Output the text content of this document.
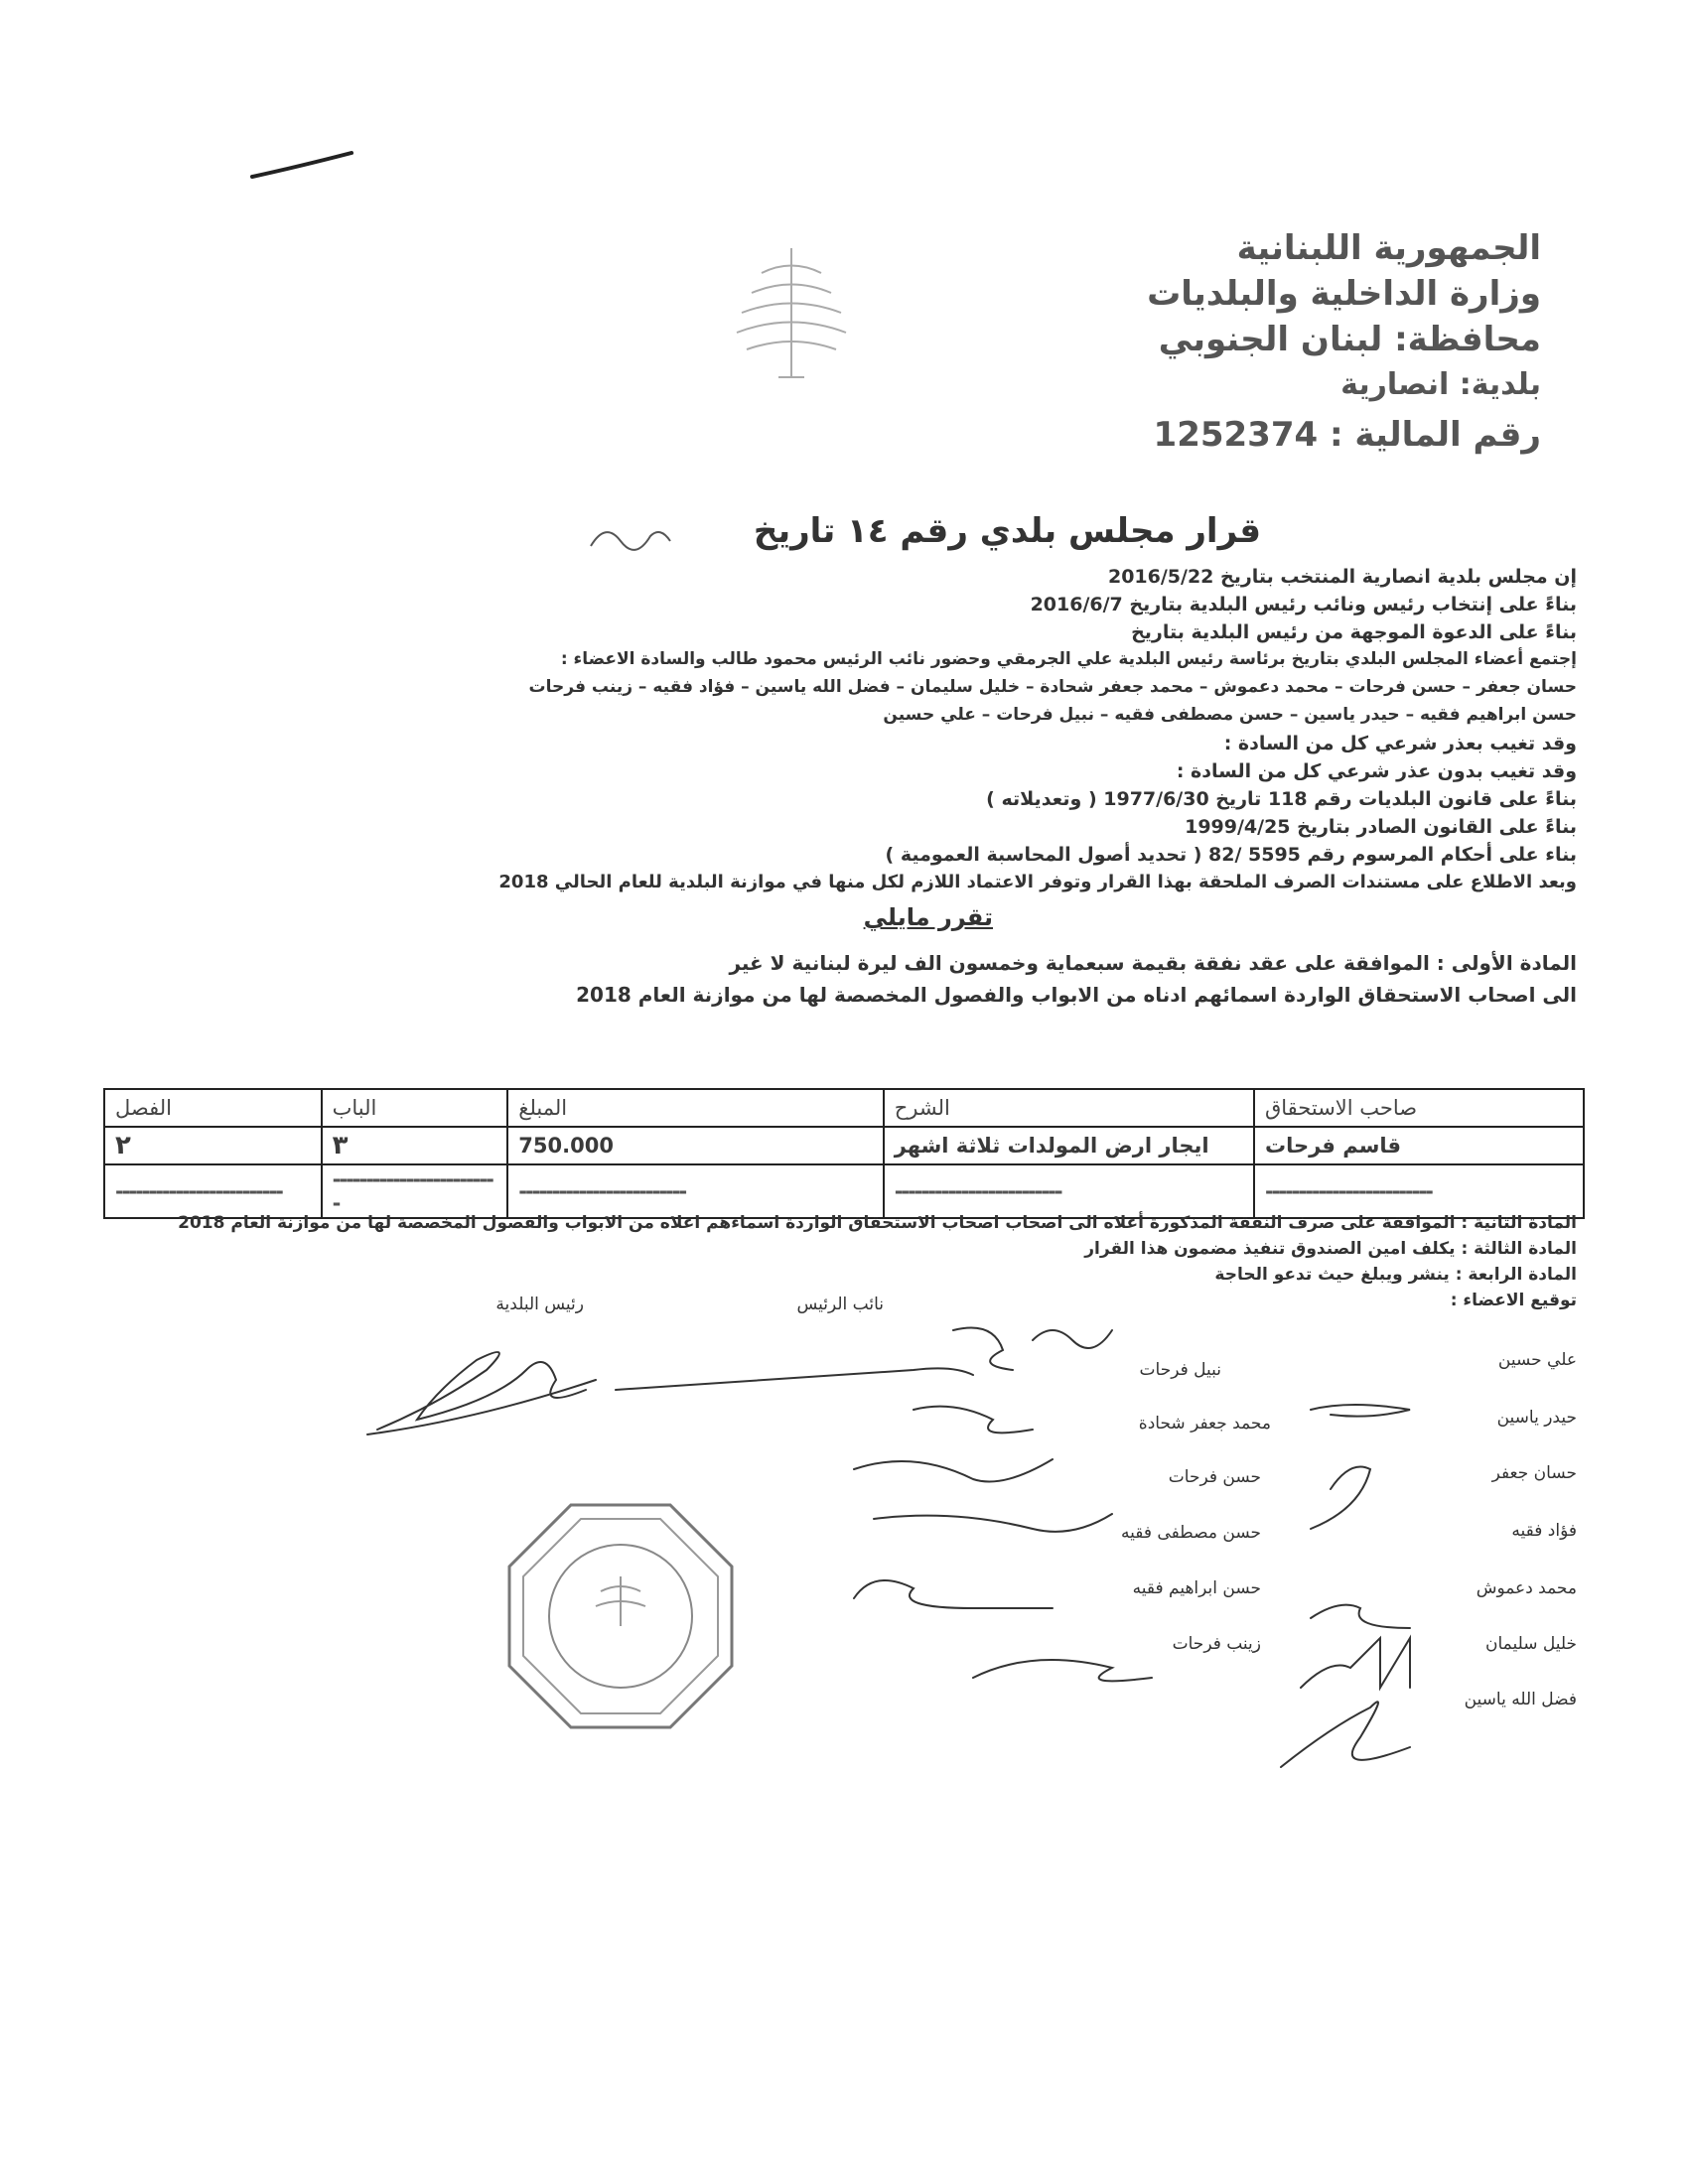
الجمهورية اللبنانية
وزارة الداخلية والبلديات
محافظة: لبنان الجنوبي
بلدية: انصارية
رقم المالية : 1252374
قرار مجلس بلدي رقم ١٤ تاريخ
إن مجلس بلدية انصارية المنتخب بتاريخ 2016/5/22
بناءً على إنتخاب رئيس ونائب رئيس البلدية بتاريخ 2016/6/7
بناءً على الدعوة الموجهة من رئيس البلدية بتاريخ
إجتمع أعضاء المجلس البلدي بتاريخ برئاسة رئيس البلدية علي الجرمقي وحضور نائب الرئيس محمود طالب والسادة الاعضاء :
حسان جعفر – حسن فرحات – محمد دعموش – محمد جعفر شحادة – خليل سليمان – فضل الله ياسين – فؤاد فقيه – زينب فرحات
حسن ابراهيم فقيه – حيدر ياسين – حسن مصطفى فقيه – نبيل فرحات – علي حسين
وقد تغيب بعذر شرعي كل من السادة :
وقد تغيب بدون عذر شرعي كل من السادة :
بناءً على قانون البلديات رقم 118 تاريخ 1977/6/30 ( وتعديلاته )
بناءً على القانون الصادر بتاريخ 1999/4/25
بناء على أحكام المرسوم رقم 5595 /82 ( تحديد أصول المحاسبة العمومية )
وبعد الاطلاع على مستندات الصرف الملحقة بهذا القرار وتوفر الاعتماد اللازم لكل منها في موازنة البلدية للعام الحالي 2018
تقرر مايلي
المادة الأولى : الموافقة على عقد نفقة بقيمة سبعماية وخمسون الف ليرة لبنانية لا غير
الى اصحاب الاستحقاق الواردة اسمائهم ادناه من الابواب والفصول المخصصة لها من موازنة العام 2018
صاحب الاستحقاق	الشرح	المبلغ	الباب	الفصل
قاسم فرحات	ايجار ارض المولدات ثلاثة اشهر	750.000	٣	٢
-------------------------	-------------------------	-------------------------	-------------------------	-------------------------
المادة الثانية : الموافقة على صرف النفقة المذكورة أعلاه الى اصحاب اصحاب الاستحقاق الواردة اسماءهم اعلاه من الابواب والفصول المخصصة لها من موازنة العام 2018
المادة الثالثة : يكلف امين الصندوق تنفيذ مضمون هذا القرار
المادة الرابعة : ينشر ويبلغ حيث تدعو الحاجة
توقيع الاعضاء :
رئيس البلدية	نائب الرئيس
نبيل فرحات
محمد جعفر شحادة
حسن فرحات
حسن مصطفى فقيه
حسن ابراهيم فقيه
زينب فرحات
علي حسين
حيدر ياسين
حسان جعفر
فؤاد فقيه
محمد دعموش
خليل سليمان
فضل الله ياسين
